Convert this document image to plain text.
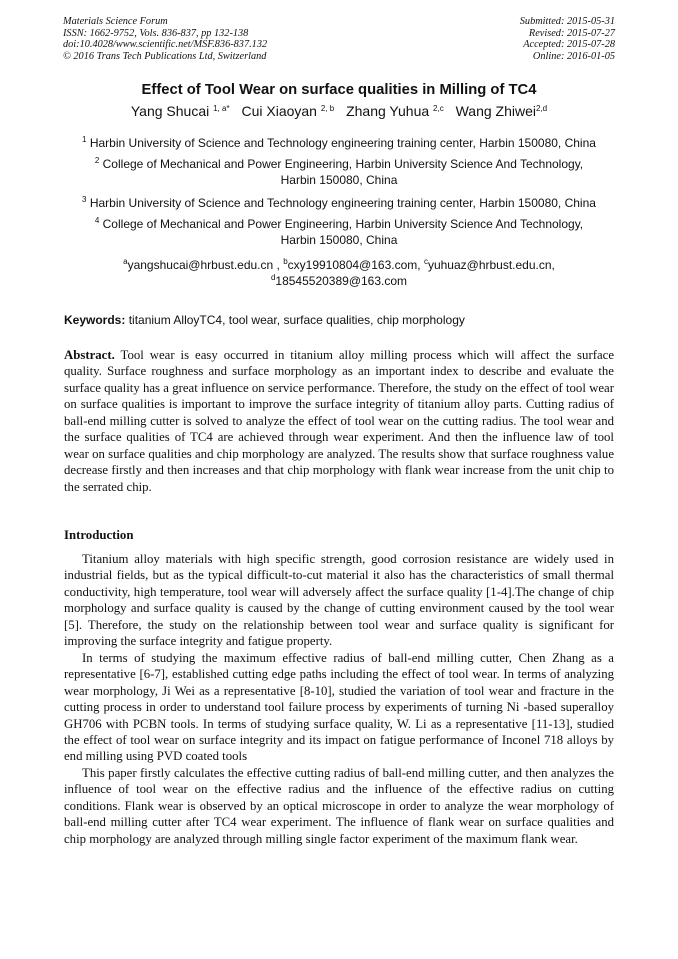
Materials Science Forum
ISSN: 1662-9752, Vols. 836-837, pp 132-138
doi:10.4028/www.scientific.net/MSF.836-837.132
© 2016 Trans Tech Publications Ltd, Switzerland
Submitted: 2015-05-31
Revised: 2015-07-27
Accepted: 2015-07-28
Online: 2016-01-05
Effect of Tool Wear on surface qualities in Milling of TC4
Yang Shucai $^{1, a*}$ Cui Xiaoyan $^{2, b}$ Zhang Yuhua $^{2,c}$ Wang Zhiwei$^{2,d}$
$^1$ Harbin University of Science and Technology engineering training center, Harbin 150080, China
$^2$ College of Mechanical and Power Engineering, Harbin University Science And Technology,
Harbin 150080, China
$^3$ Harbin University of Science and Technology engineering training center, Harbin 150080, China
$^4$ College of Mechanical and Power Engineering, Harbin University Science And Technology,
Harbin 150080, China
$^a$yangshucai@hrbust.edu.cn , $^b$cxy19910804@163.com, $^c$yuhuaz@hrbust.edu.cn,
$^d$18545520389@163.com
Keywords: titanium AlloyTC4, tool wear, surface qualities, chip morphology

Abstract. Tool wear is easy occurred in titanium alloy milling process which will affect the surface quality. Surface roughness and surface morphology as an important index to describe and evaluate the surface quality has a great influence on service performance. Therefore, the study on the effect of tool wear on surface qualities is important to improve the surface integrity of titanium alloy parts. Cutting radius of ball-end milling cutter is solved to analyze the effect of tool wear on the cutting radius. The tool wear and the surface qualities of TC4 are achieved through wear experiment. And then the influence law of tool wear on surface qualities and chip morphology are analyzed. The results show that surface roughness value decrease firstly and then increases and that chip morphology with flank wear increase from the unit chip to the serrated chip.

Introduction

Titanium alloy materials with high specific strength, good corrosion resistance are widely used in industrial fields, but as the typical difficult-to-cut material it also has the characteristics of small thermal conductivity, high temperature, tool wear will adversely affect the surface quality [1-4].The change of chip morphology and surface quality is caused by the change of cutting environment caused by the tool wear [5]. Therefore, the study on the relationship between tool wear and surface quality is significant for improving the surface integrity and fatigue property.

In terms of studying the maximum effective radius of ball-end milling cutter, Chen Zhang as a representative [6-7], established cutting edge paths including the effect of tool wear. In terms of analyzing wear morphology, Ji Wei as a representative [8-10], studied the variation of tool wear and fracture in the cutting process in order to understand tool failure process by experiments of turning Ni -based superalloy GH706 with PCBN tools. In terms of studying surface quality, W. Li as a representative [11-13], studied the effect of tool wear on surface integrity and its impact on fatigue performance of Inconel 718 alloys by end milling using PVD coated tools

This paper firstly calculates the effective cutting radius of ball-end milling cutter, and then analyzes the influence of tool wear on the effective radius and the influence of the effective radius on cutting conditions. Flank wear is observed by an optical microscope in order to analyze the wear morphology of ball-end milling cutter after TC4 wear experiment. The influence of flank wear on surface qualities and chip morphology are analyzed through milling single factor experiment of the maximum flank wear.
